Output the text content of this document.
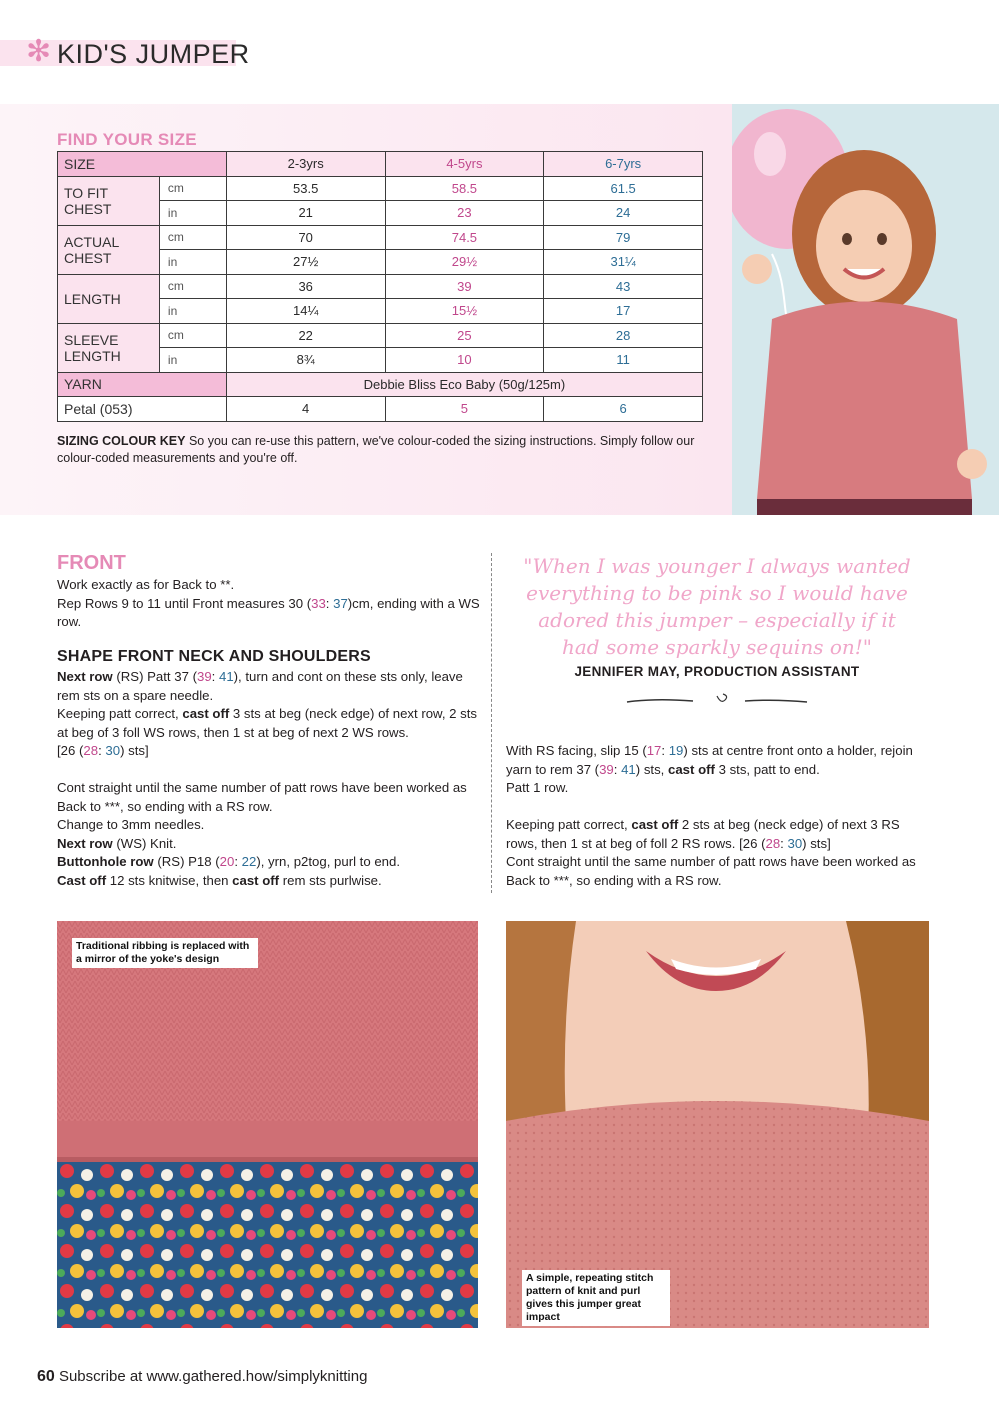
✻ KID'S JUMPER
FIND YOUR SIZE
SIZE		2-3yrs	4-5yrs	6-7yrs
TO FIT CHEST	cm	53.5	58.5	61.5
	in	21	23	24
ACTUAL CHEST	cm	70	74.5	79
	in	27½	29½	31¼
LENGTH	cm	36	39	43
	in	14¼	15½	17

SLEEVE
LENGTH	cm	22	25	28
	in	8¾	10	11
YARN		Debbie Bliss Eco Baby (50g/125m)		
Petal (053)		4	5	6
SIZING COLOUR KEY So you can re-use this pattern, we've colour-coded the sizing instructions. Simply follow our colour-coded measurements and you're off.
FRONT
Work exactly as for Back to **.
Rep Rows 9 to 11 until Front measures 30 (33: 37)cm, ending with a WS row.
SHAPE FRONT NECK AND SHOULDERS
Next row (RS) Patt 37 (39: 41), turn and cont on these sts only, leave rem sts on a spare needle.
Keeping patt correct, cast off 3 sts at beg (neck edge) of next row, 2 sts at beg of 3 foll WS rows, then 1 st at beg of next 2 WS rows.
[26 (28: 30) sts]
Cont straight until the same number of patt rows have been worked as Back to ***, so ending with a RS row.
Change to 3mm needles.
Next row (WS) Knit.
Buttonhole row (RS) P18 (20: 22), yrn, p2tog, purl to end.
Cast off 12 sts knitwise, then cast off rem sts purlwise.
"When I was younger I always wanted everything to be pink so I would have adored this jumper – especially if it had some sparkly sequins on!"
JENNIFER MAY, PRODUCTION ASSISTANT
With RS facing, slip 15 (17: 19) sts at centre front onto a holder, rejoin yarn to rem 37 (39: 41) sts, cast off 3 sts, patt to end.
Patt 1 row.
Keeping patt correct, cast off 2 sts at beg (neck edge) of next 3 RS rows, then 1 st at beg of foll 2 RS rows. [26 (28: 30) sts]
Cont straight until the same number of patt rows have been worked as Back to ***, so ending with a RS row.
Traditional ribbing is replaced with a mirror of the yoke's design
A simple, repeating stitch pattern of knit and purl gives this jumper great impact
60 Subscribe at www.gathered.how/simplyknitting
